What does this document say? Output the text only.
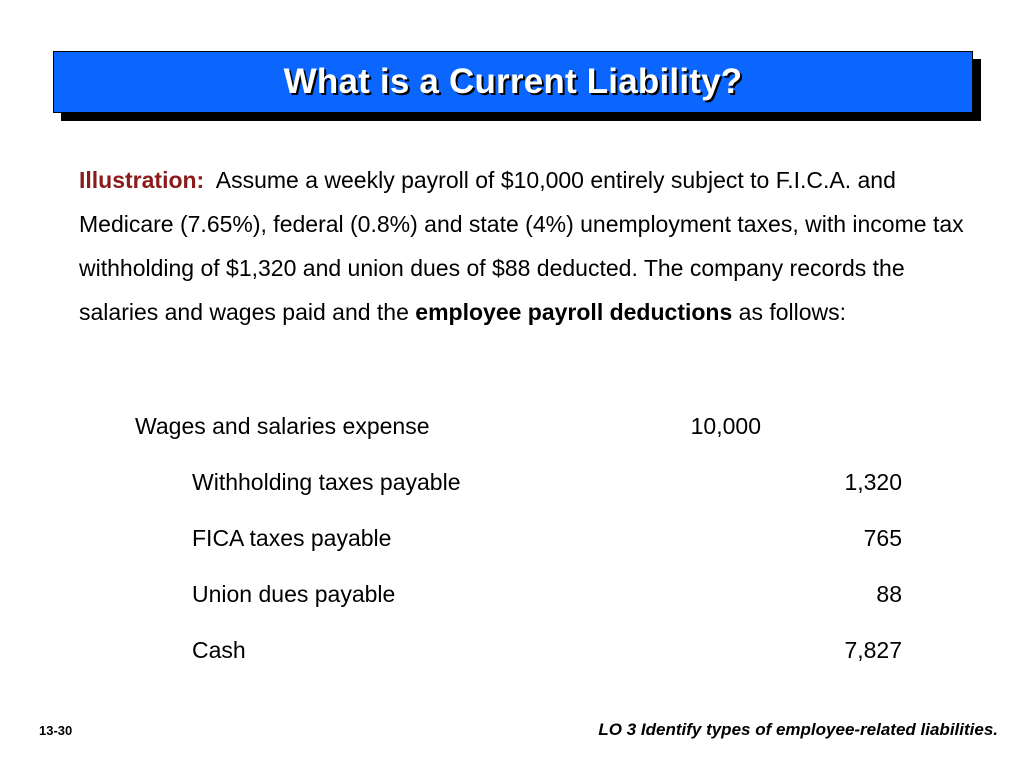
What is a Current Liability?
Illustration: Assume a weekly payroll of $10,000 entirely subject to F.I.C.A. and Medicare (7.65%), federal (0.8%) and state (4%) unemployment taxes, with income tax withholding of $1,320 and union dues of $88 deducted. The company records the salaries and wages paid and the employee payroll deductions as follows:
Wages and salaries expense	10,000
Withholding taxes payable	1,320
FICA taxes payable	765
Union dues payable	88
Cash	7,827
13-30	LO 3 Identify types of employee-related liabilities.
